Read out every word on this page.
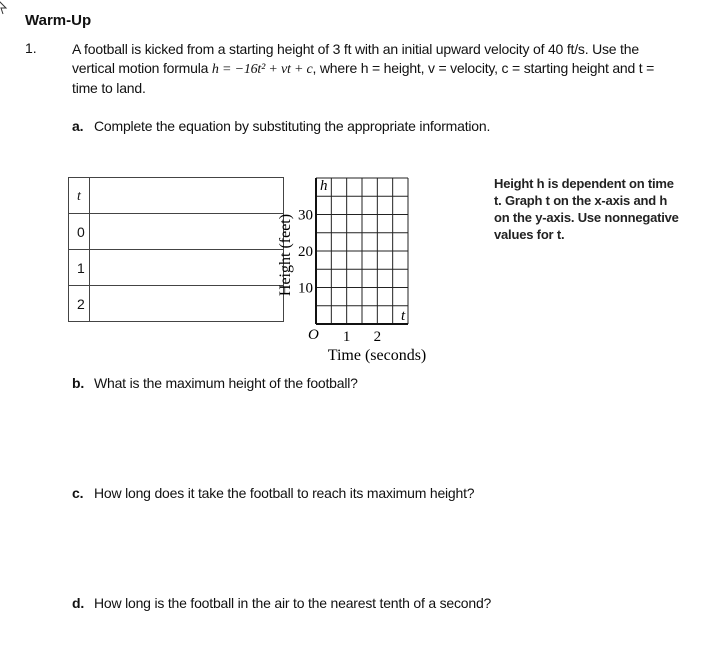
Warm-Up
1.	A football is kicked from a starting height of 3 ft with an initial upward velocity of 40 ft/s. Use the vertical motion formula h = −16t² + vt + c, where h = height, v = velocity, c = starting height and t = time to land.
a. Complete the equation by substituting the appropriate information.
t	
0	
1	
2	
10
20
30
1 2
O
h
t
Time (seconds)
Height (feet)
Height h is dependent on time t. Graph t on the x-axis and h on the y-axis. Use nonnegative values for t.
b. What is the maximum height of the football?
c. How long does it take the football to reach its maximum height?
d. How long is the football in the air to the nearest tenth of a second?
